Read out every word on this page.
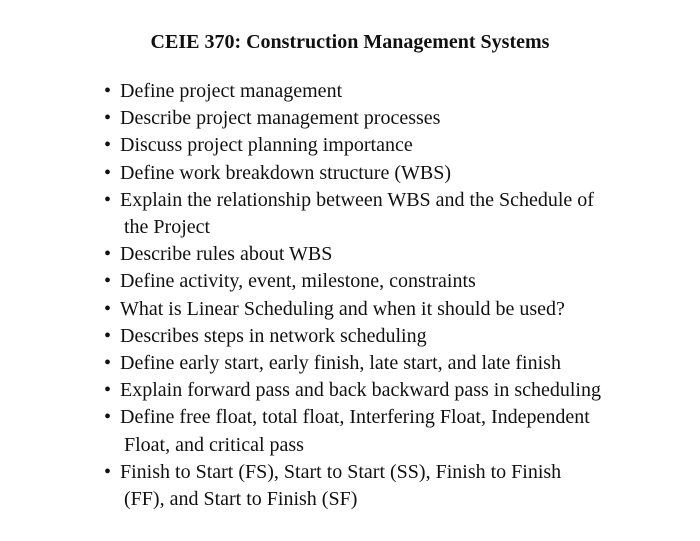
CEIE 370: Construction Management Systems
• Define project management
• Describe project management processes
• Discuss project planning importance
• Define work breakdown structure (WBS)
• Explain the relationship between WBS and the Schedule of
the Project
• Describe rules about WBS
• Define activity, event, milestone, constraints
• What is Linear Scheduling and when it should be used?
• Describes steps in network scheduling
• Define early start, early finish, late start, and late finish
• Explain forward pass and back backward pass in scheduling
• Define free float, total float, Interfering Float, Independent
Float, and critical pass
• Finish to Start (FS), Start to Start (SS), Finish to Finish
(FF), and Start to Finish (SF)
